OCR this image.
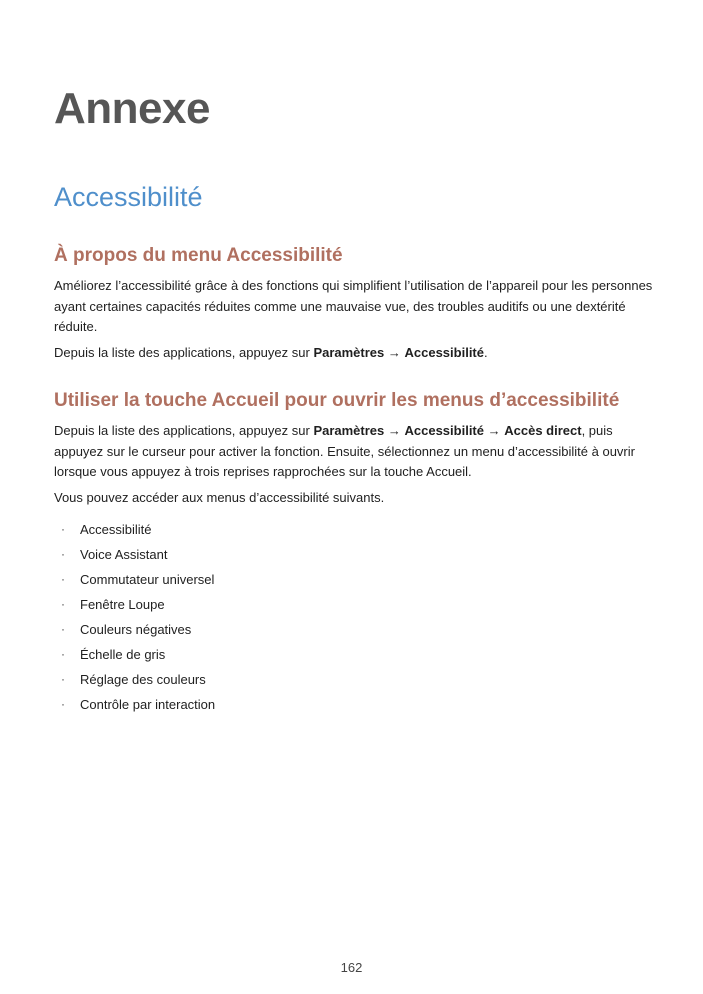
Annexe
Accessibilité
À propos du menu Accessibilité

Améliorez l’accessibilité grâce à des fonctions qui simplifient l’utilisation de l’appareil pour les personnes ayant certaines capacités réduites comme une mauvaise vue, des troubles auditifs ou une dextérité réduite.

Depuis la liste des applications, appuyez sur Paramètres → Accessibilité.

Utiliser la touche Accueil pour ouvrir les menus d’accessibilité

Depuis la liste des applications, appuyez sur Paramètres → Accessibilité → Accès direct, puis appuyez sur le curseur pour activer la fonction. Ensuite, sélectionnez un menu d’accessibilité à ouvrir lorsque vous appuyez à trois reprises rapprochées sur la touche Accueil.

Vous pouvez accéder aux menus d’accessibilité suivants.

· Accessibilité
· Voice Assistant
· Commutateur universel
· Fenêtre Loupe
· Couleurs négatives
· Échelle de gris
· Réglage des couleurs
· Contrôle par interaction
162
